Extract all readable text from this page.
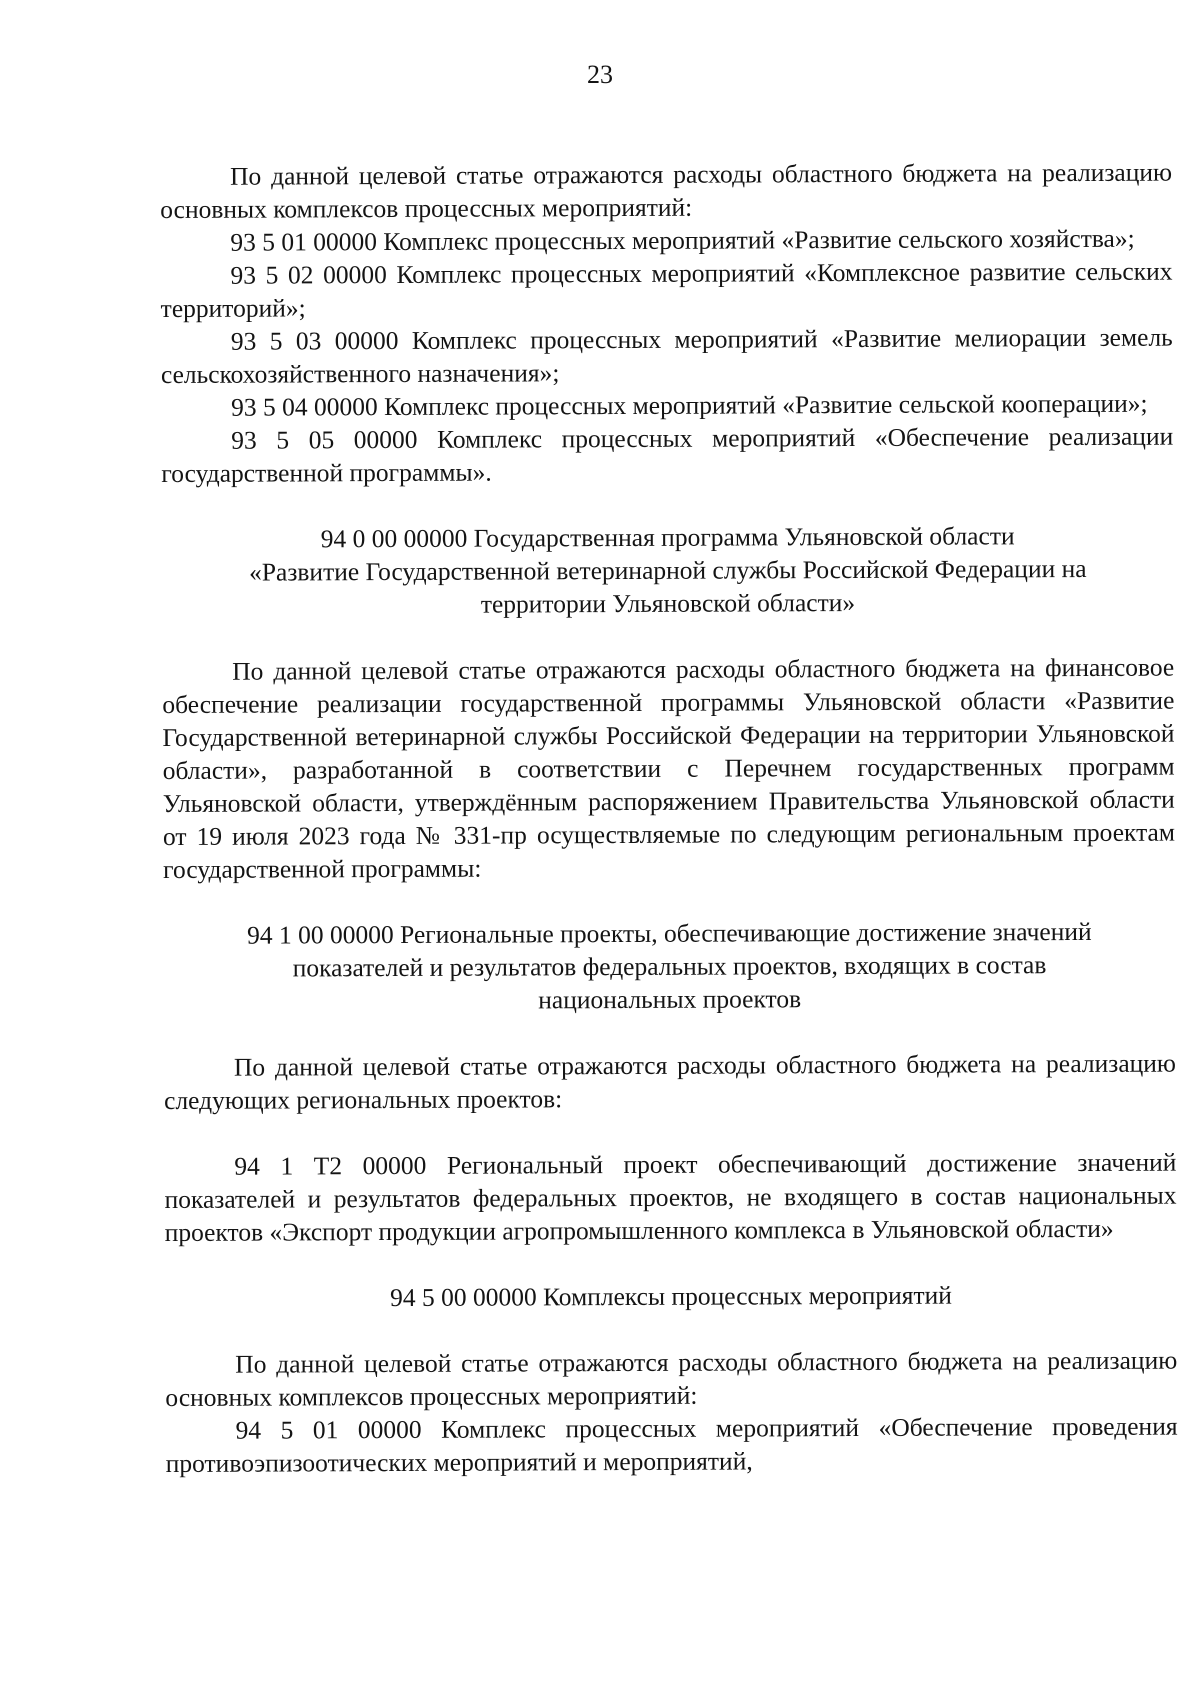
23

По данной целевой статье отражаются расходы областного бюджета на реализацию основных комплексов процессных мероприятий:

93 5 01 00000 Комплекс процессных мероприятий «Развитие сельского хозяйства»;

93 5 02 00000 Комплекс процессных мероприятий «Комплексное развитие сельских территорий»;

93 5 03 00000 Комплекс процессных мероприятий «Развитие мелиорации земель сельскохозяйственного назначения»;

93 5 04 00000 Комплекс процессных мероприятий «Развитие сельской кооперации»;

93 5 05 00000 Комплекс процессных мероприятий «Обеспечение реализации государственной программы».

94 0 00 00000 Государственная программа Ульяновской области
«Развитие Государственной ветеринарной службы Российской Федерации на
территории Ульяновской области»

По данной целевой статье отражаются расходы областного бюджета на финансовое обеспечение реализации государственной программы Ульяновской области «Развитие Государственной ветеринарной службы Российской Федерации на территории Ульяновской области», разработанной в соответствии с Перечнем государственных программ Ульяновской области, утверждённым распоряжением Правительства Ульяновской области от 19 июля 2023 года № 331-пр осуществляемые по следующим региональным проектам государственной программы:

94 1 00 00000 Региональные проекты, обеспечивающие достижение значений
показателей и результатов федеральных проектов, входящих в состав
национальных проектов

По данной целевой статье отражаются расходы областного бюджета на реализацию следующих региональных проектов:

94 1 Т2 00000 Региональный проект обеспечивающий достижение значений показателей и результатов федеральных проектов, не входящего в состав национальных проектов «Экспорт продукции агропромышленного комплекса в Ульяновской области»

94 5 00 00000 Комплексы процессных мероприятий

По данной целевой статье отражаются расходы областного бюджета на реализацию основных комплексов процессных мероприятий:

94 5 01 00000 Комплекс процессных мероприятий «Обеспечение проведения противоэпизоотических мероприятий и мероприятий,
